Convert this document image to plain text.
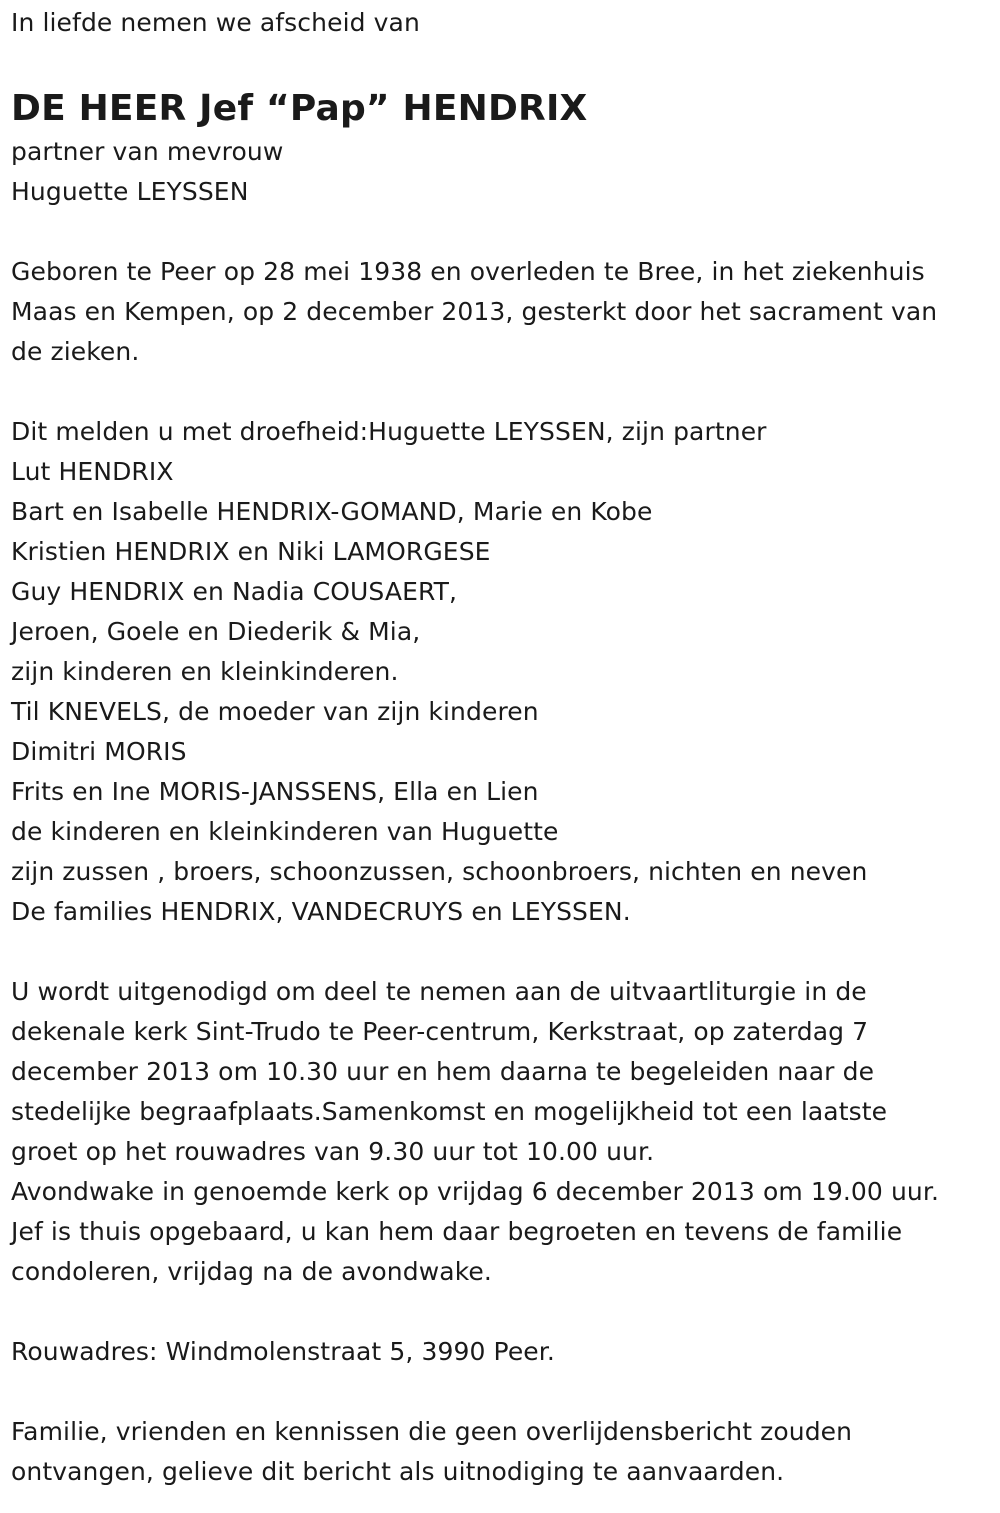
In liefde nemen we afscheid van

DE HEER Jef “Pap” HENDRIX

partner van mevrouw

Huguette LEYSSEN

Geboren te Peer op 28 mei 1938 en overleden te Bree, in het ziekenhuis

Maas en Kempen, op 2 december 2013, gesterkt door het sacrament van

de zieken.

Dit melden u met droefheid:Huguette LEYSSEN, zijn partner

Lut HENDRIX

Bart en Isabelle HENDRIX-GOMAND, Marie en Kobe

Kristien HENDRIX en Niki LAMORGESE

Guy HENDRIX en Nadia COUSAERT,

Jeroen, Goele en Diederik & Mia,

zijn kinderen en kleinkinderen.

Til KNEVELS, de moeder van zijn kinderen

Dimitri MORIS

Frits en Ine MORIS-JANSSENS, Ella en Lien

de kinderen en kleinkinderen van Huguette

zijn zussen , broers, schoonzussen, schoonbroers, nichten en neven

De families HENDRIX, VANDECRUYS en LEYSSEN.

U wordt uitgenodigd om deel te nemen aan de uitvaartliturgie in de

dekenale kerk Sint-Trudo te Peer-centrum, Kerkstraat, op zaterdag 7

december 2013 om 10.30 uur en hem daarna te begeleiden naar de

stedelijke begraafplaats.Samenkomst en mogelijkheid tot een laatste

groet op het rouwadres van 9.30 uur tot 10.00 uur.

Avondwake in genoemde kerk op vrijdag 6 december 2013 om 19.00 uur.

Jef is thuis opgebaard, u kan hem daar begroeten en tevens de familie

condoleren, vrijdag na de avondwake.

Rouwadres: Windmolenstraat 5, 3990 Peer.

Familie, vrienden en kennissen die geen overlijdensbericht zouden

ontvangen, gelieve dit bericht als uitnodiging te aanvaarden.
